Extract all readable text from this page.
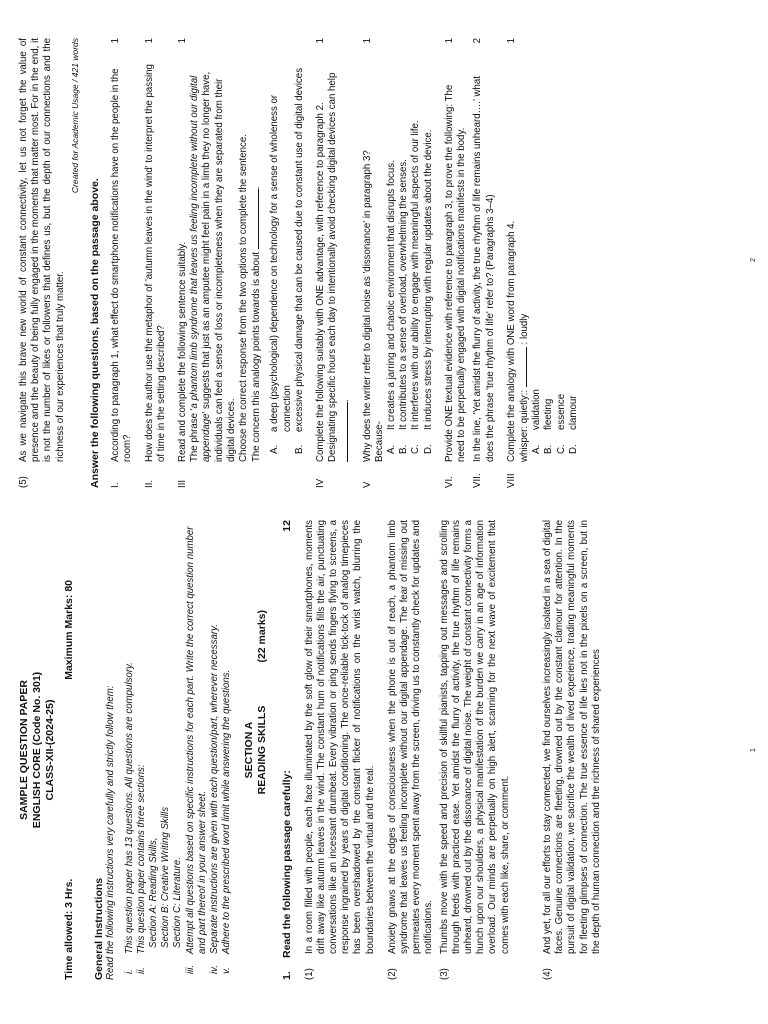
SAMPLE QUESTION PAPER ENGLISH CORE (Code No. 301) CLASS-XII-(2024-25)
Time allowed: 3 Hrs.
Maximum Marks: 80
General Instructions Read the following instructions very carefully and strictly follow them: i.
This question paper has 13 questions. All questions are compulsory.
ii.
This question paper contains three sections: Section A: Reading Skills, Section B: Creative Writing Skills Section C: Literature.
iii.
Attempt all questions based on specific instructions for each part. Write the correct question number and part thereof in your answer sheet.
iv.
Separate instructions are given with each question/part, wherever necessary.
v.
Adhere to the prescribed word limit while answering the questions. SECTION A READING SKILLS
(22 marks)
1.
Read the following passage carefully:
12
(1)
In a room filled with people, each face illuminated by the soft glow of their smartphones, moments drift away like autumn leaves in the wind. The constant hum of notifications fills the air, punctuating conversations like an incessant drumbeat. Every vibration or ping sends fingers flying to screens, a response ingrained by years of digital conditioning. The once-reliable tick-tock of analog timepieces has been overshadowed by the constant flicker of notifications on the wrist watch, blurring the boundaries between the virtual and the real.
(2)
Anxiety gnaws at the edges of consciousness when the phone is out of reach, a phantom limb syndrome that leaves us feeling incomplete without our digital appendage. The fear of missing out permeates every moment spent away from the screen, driving us to constantly check for updates and notifications.
(3)
Thumbs move with the speed and precision of skillful pianists, tapping out messages and scrolling through feeds with practiced ease. Yet amidst the flurry of activity, the true rhythm of life remains unheard, drowned out by the dissonance of digital noise. The weight of constant connectivity forms a hunch upon our shoulders, a physical manifestation of the burden we carry in an age of information overload. Our minds are perpetually on high alert, scanning for the next wave of excitement that comes with each like, share, or comment.
(4)
And yet, for all our efforts to stay connected, we find ourselves increasingly isolated in a sea of digital faces. Genuine connections are fleeting, drowned out by the constant clamour for attention. In the pursuit of digital validation, we sacrifice the wealth of lived experience, trading meaningful moments for fleeting glimpses of connection. The true essence of life lies not in the pixels on a screen, but in the depth of human connection and the richness of shared experiences
(5)
As we navigate this brave new world of constant connectivity, let us not forget the value of presence and the beauty of being fully engaged in the moments that matter most. For in the end, it is not the number of likes or followers that defines us, but the depth of our connections and the richness of our experiences that truly matter.
Created for Academic Usage / 421 words
Answer the following questions, based on the passage above. I.
According to paragraph 1, what effect do smartphone notifications have on the people in the room?
1
II.
How does the author use the metaphor of 'autumn leaves in the wind' to interpret the passing of time in the setting described?
1
III
Read and complete the following sentence suitably. The phrase 'a phantom limb syndrome that leaves us feeling incomplete without our digital appendage' suggests that just as an amputee might feel pain in a limb they no longer have, individuals can feel a sense of loss or incompleteness when they are separated from their digital devices. Choose the correct response from the two options to complete the sentence. The concern this analogy points towards is about .
A.
a deep (psychological) dependence on technology for a sense of wholeness or connection
B.
excessive physical damage that can be caused due to constant use of digital devices
1
IV
Complete the following suitably with ONE advantage, with reference to paragraph 2. Designating specific hours each day to intentionally avoid checking digital devices can help .
1
V
Why does the writer refer to digital noise as 'dissonance' in paragraph 3? Because- A.
It creates a jarring and chaotic environment that disrupts focus.
B.
It contributes to a sense of overload, overwhelming the senses.
C.
It interferes with our ability to engage with meaningful aspects of our life.
D.
It induces stress by interrupting with regular updates about the device.
1
VI.
Provide ONE textual evidence with reference to paragraph 3, to prove the following: The need to be perpetually engaged with digital notifications manifests in the body.
1
VII.
In the line, 'Yet amidst the flurry of activity, the true rhythm of life remains unheard….' what does the phrase 'true rhythm of life' refer to? (Paragraphs 3–4)
2
VIII
Complete the analogy with ONE word from paragraph 4. whisper: quietly::  : loudly
A.
validation
B.
fleeting
C.
essence
D.
clamour
1
1
2
